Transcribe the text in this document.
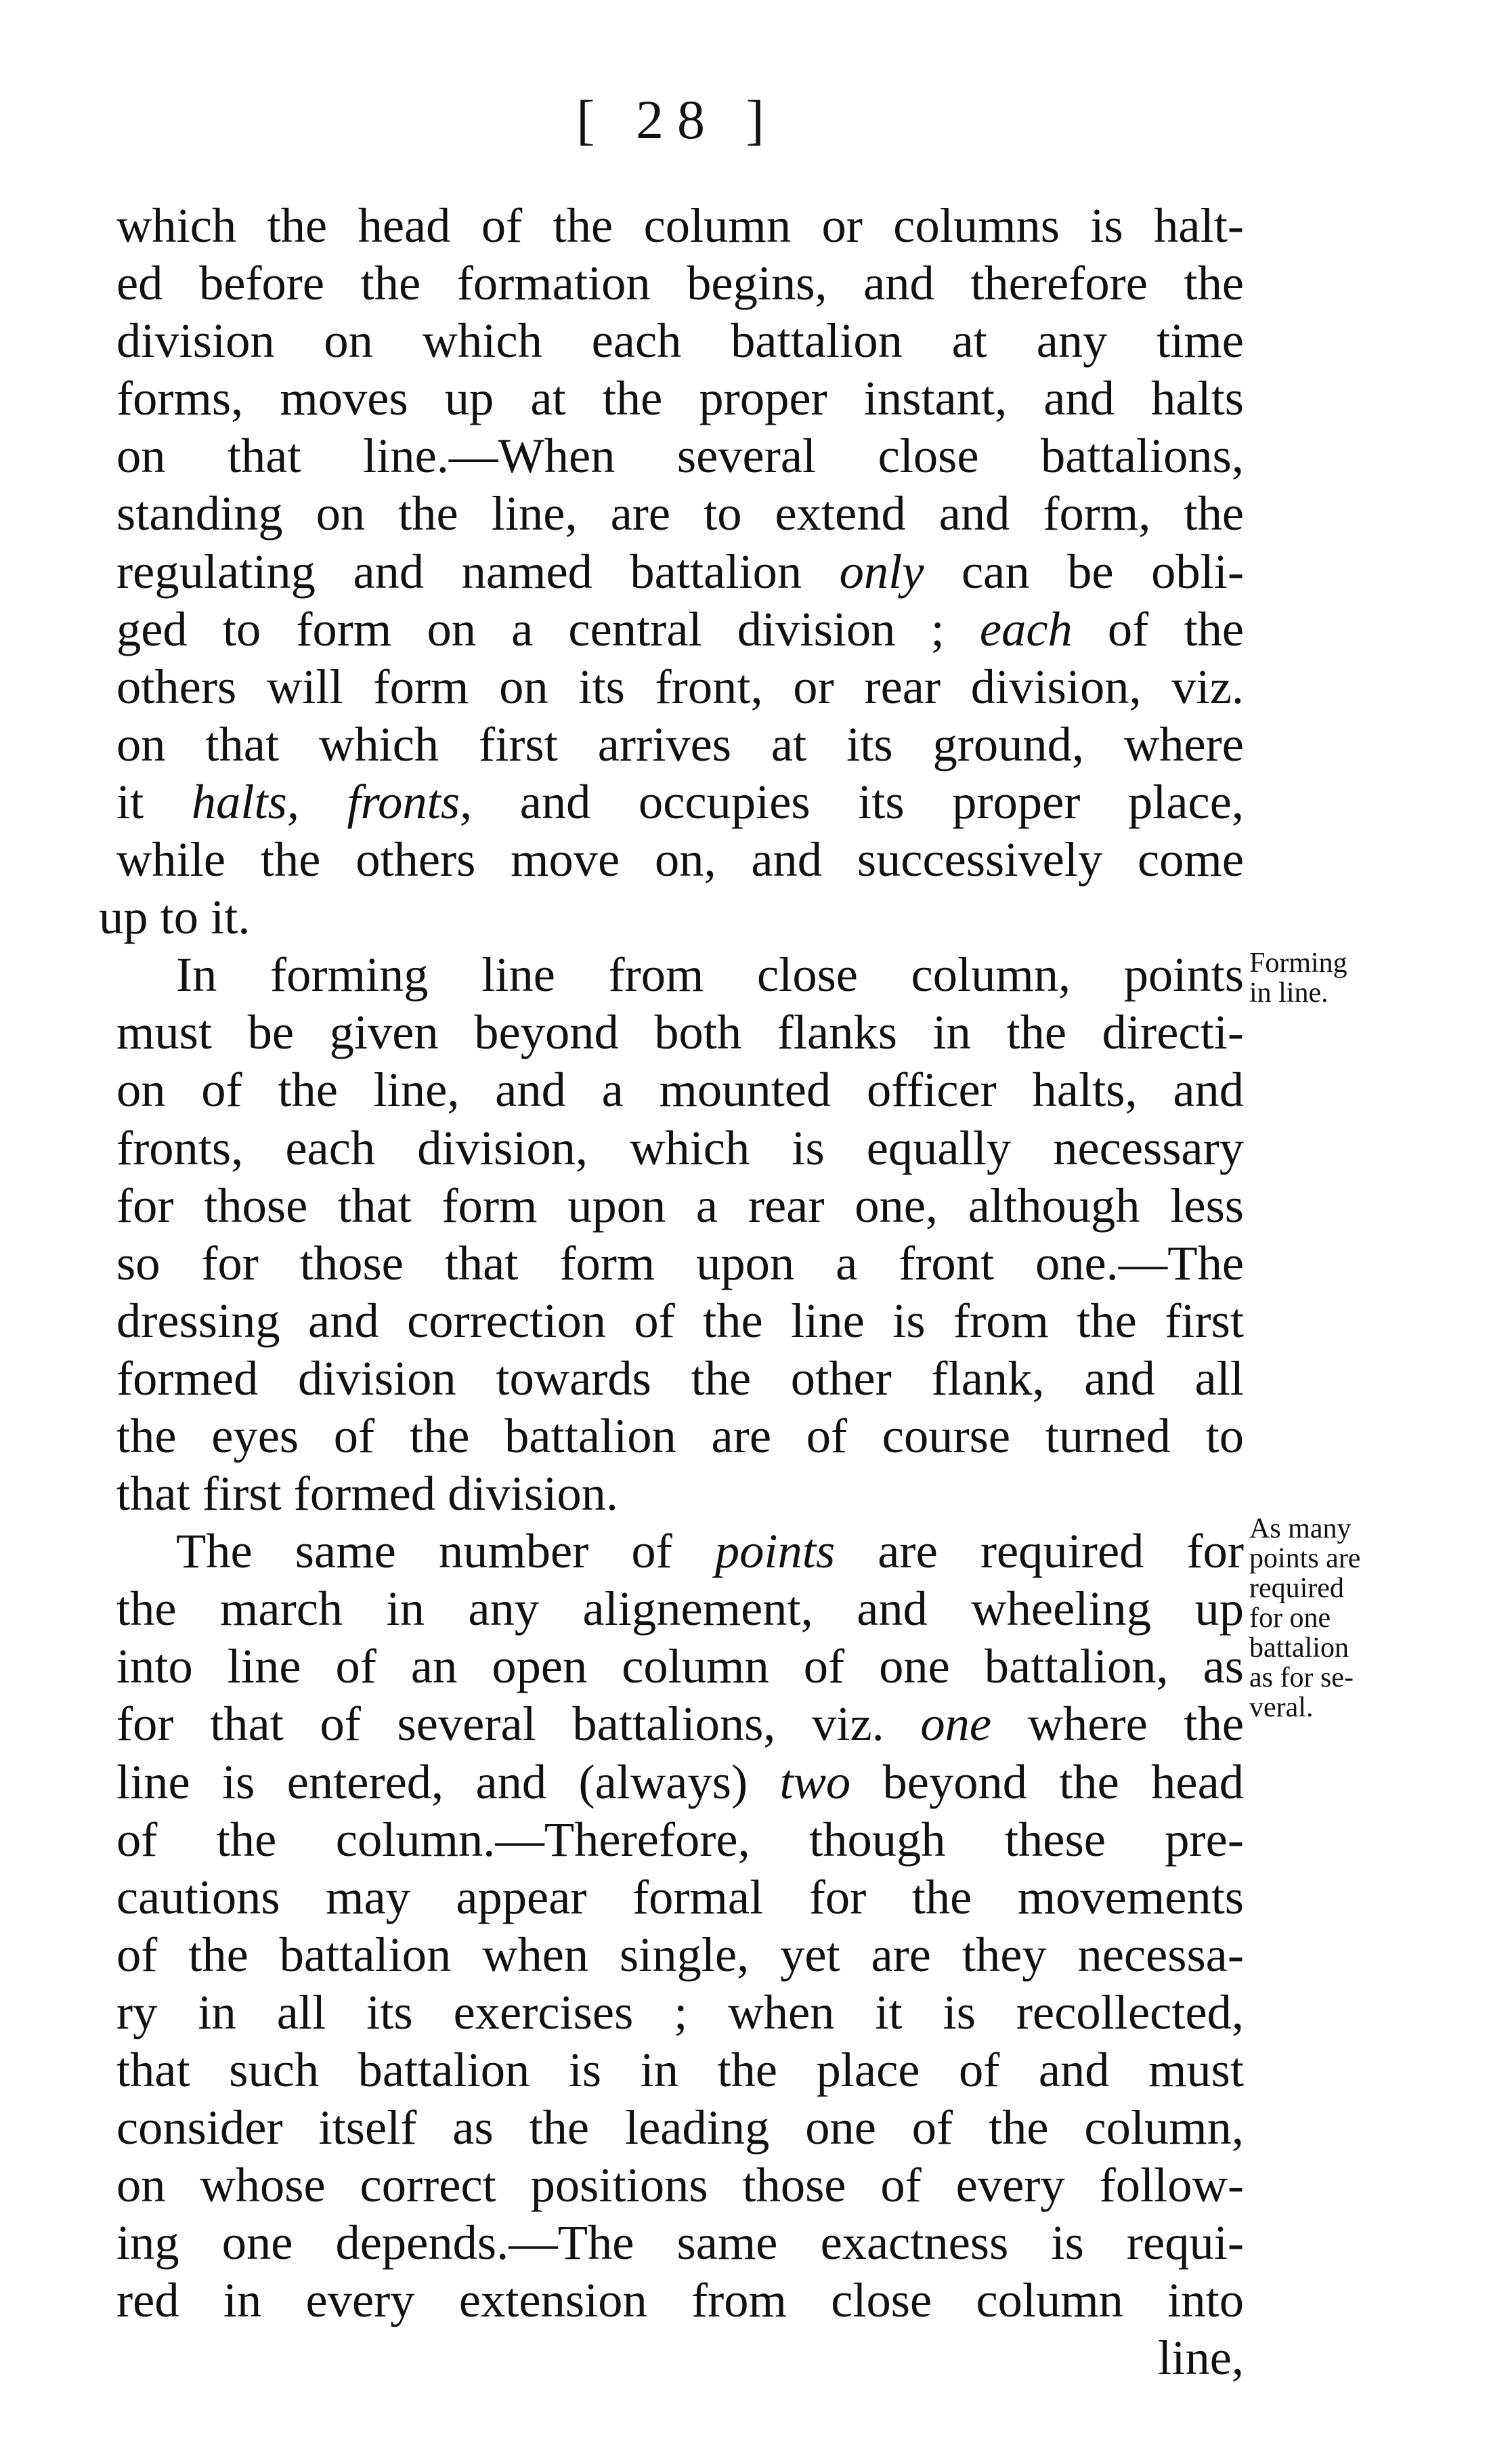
[ 28 ]
which the head of the column or columns is halt-
ed before the formation begins, and therefore the
division on which each battalion at any time
forms, moves up at the proper instant, and halts
on that line.—When several close battalions,
standing on the line, are to extend and form, the
regulating and named battalion only can be obli-
ged to form on a central division ; each of the
others will form on its front, or rear division, viz.
on that which first arrives at its ground, where
it halts, fronts, and occupies its proper place,
while the others move on, and successively come
up to it.
In forming line from close column, points
must be given beyond both flanks in the directi-
on of the line, and a mounted officer halts, and
fronts, each division, which is equally necessary
for those that form upon a rear one, although less
so for those that form upon a front one.—The
dressing and correction of the line is from the first
formed division towards the other flank, and all
the eyes of the battalion are of course turned to
that first formed division.
The same number of points are required for
the march in any alignement, and wheeling up
into line of an open column of one battalion, as
for that of several battalions, viz. one where the
line is entered, and (always) two beyond the head
of the column.—Therefore, though these pre-
cautions may appear formal for the movements
of the battalion when single, yet are they necessa-
ry in all its exercises ; when it is recollected,
that such battalion is in the place of and must
consider itself as the leading one of the column,
on whose correct positions those of every follow-
ing one depends.—The same exactness is requi-
red in every extension from close column into
line,
Forming
in line.
As many
points are
required
for one
battalion
as for se-
veral.
